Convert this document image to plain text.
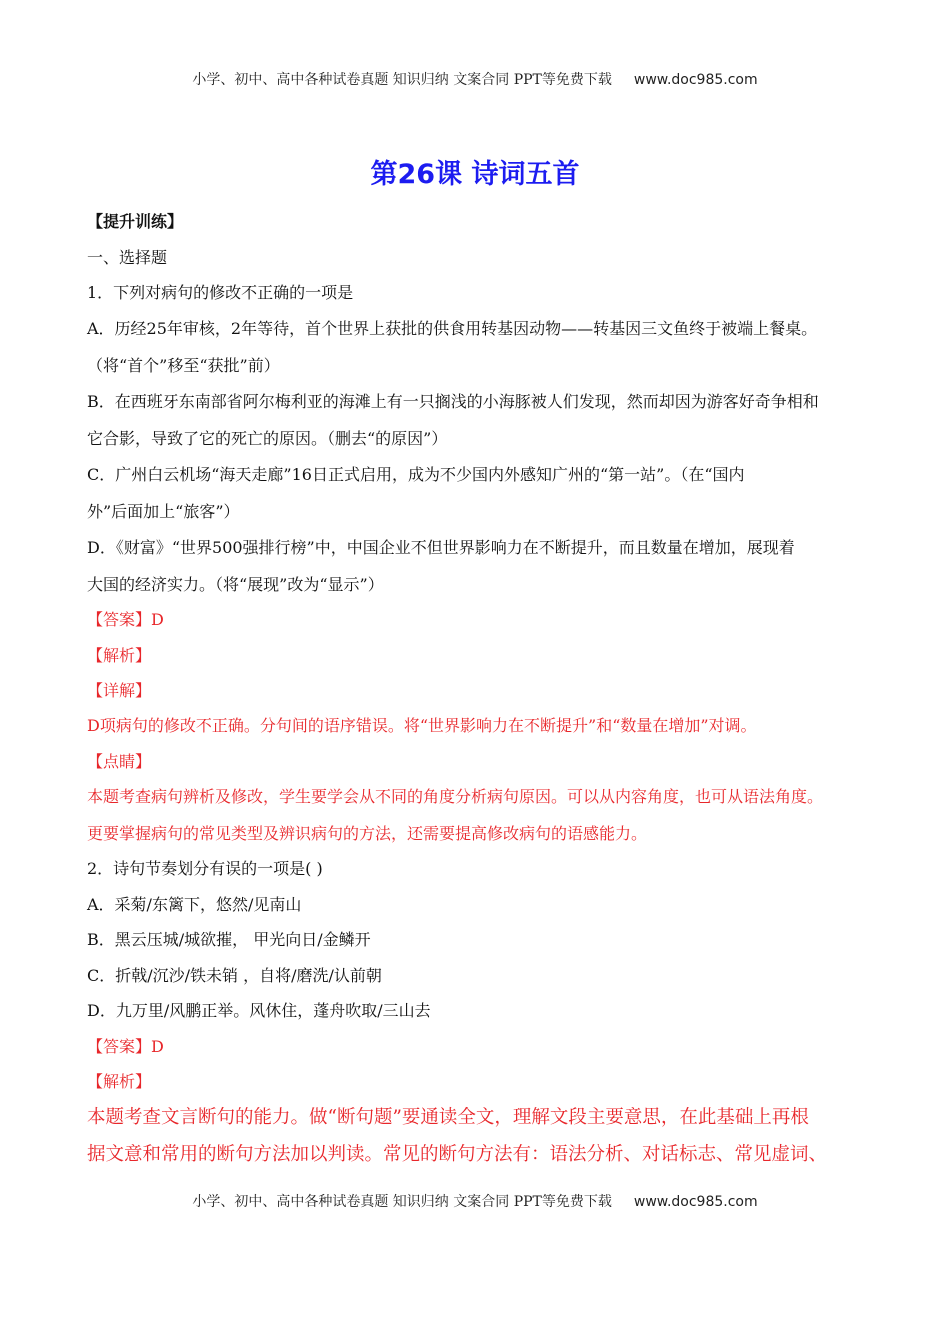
小学、初中、高中各种试卷真题 知识归纳 文案合同 PPT等免费下载 www.doc985.com
第26课 诗词五首
【提升训练】
一、选择题
1．下列对病句的修改不正确的一项是
A．历经25年审核，2年等待，首个世界上获批的供食用转基因动物——转基因三文鱼终于被端上餐桌。
（将“首个”移至“获批”前）
B．在西班牙东南部省阿尔梅利亚的海滩上有一只搁浅的小海豚被人们发现，然而却因为游客好奇争相和
它合影，导致了它的死亡的原因。（删去“的原因”）
C．广州白云机场“海天走廊”16日正式启用，成为不少国内外感知广州的“第一站”。（在“国内
外”后面加上“旅客”）
D．《财富》“世界500强排行榜”中，中国企业不但世界影响力在不断提升，而且数量在增加，展现着
大国的经济实力。（将“展现”改为“显示”）
【答案】D
【解析】
【详解】
D项病句的修改不正确。分句间的语序错误。将“世界影响力在不断提升”和“数量在增加”对调。
【点睛】
本题考查病句辨析及修改，学生要学会从不同的角度分析病句原因。可以从内容角度，也可从语法角度。
更要掌握病句的常见类型及辨识病句的方法，还需要提高修改病句的语感能力。
2．诗句节奏划分有误的一项是( )
A．采菊/东篱下，悠然/见南山
B．黑云压城/城欲摧， 甲光向日/金鳞开
C．折戟/沉沙/铁未销 ，自将/磨洗/认前朝
D．九万里/风鹏正举。风休住，蓬舟吹取/三山去
【答案】D
【解析】
本题考查文言断句的能力。做“断句题”要通读全文，理解文段主要意思，在此基础上再根
据文意和常用的断句方法加以判读。常见的断句方法有：语法分析、对话标志、常见虚词、
小学、初中、高中各种试卷真题 知识归纳 文案合同 PPT等免费下载 www.doc985.com
